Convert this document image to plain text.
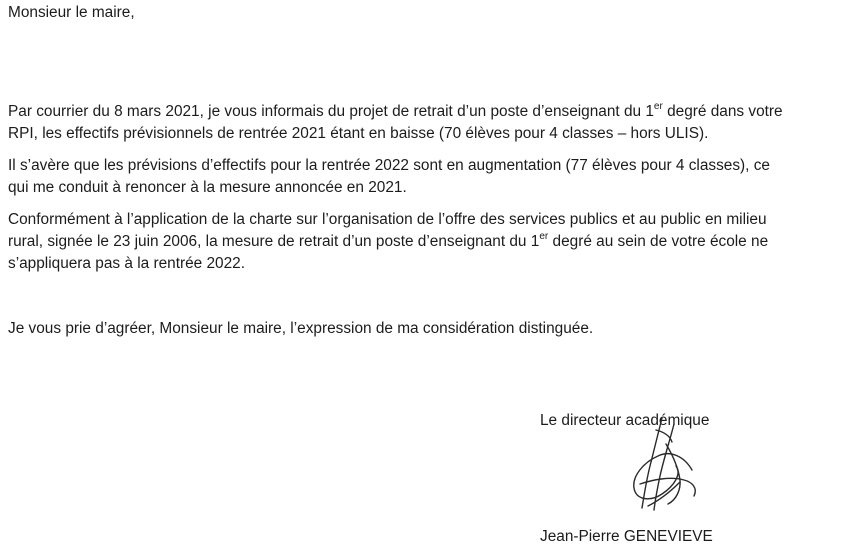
Monsieur le maire,

Par courrier du 8 mars 2021, je vous informais du projet de retrait d’un poste d’enseignant du 1er degré dans votre

RPI, les effectifs prévisionnels de rentrée 2021 étant en baisse (70 élèves pour 4 classes – hors ULIS).

Il s’avère que les prévisions d’effectifs pour la rentrée 2022 sont en augmentation (77 élèves pour 4 classes), ce

qui me conduit à renoncer à la mesure annoncée en 2021.

Conformément à l’application de la charte sur l’organisation de l’offre des services publics et au public en milieu

rural, signée le 23 juin 2006, la mesure de retrait d’un poste d’enseignant du 1er degré au sein de votre école ne

s’appliquera pas à la rentrée 2022.

Je vous prie d’agréer, Monsieur le maire, l’expression de ma considération distinguée.

Le directeur académique
Jean-Pierre GENEVIEVE
